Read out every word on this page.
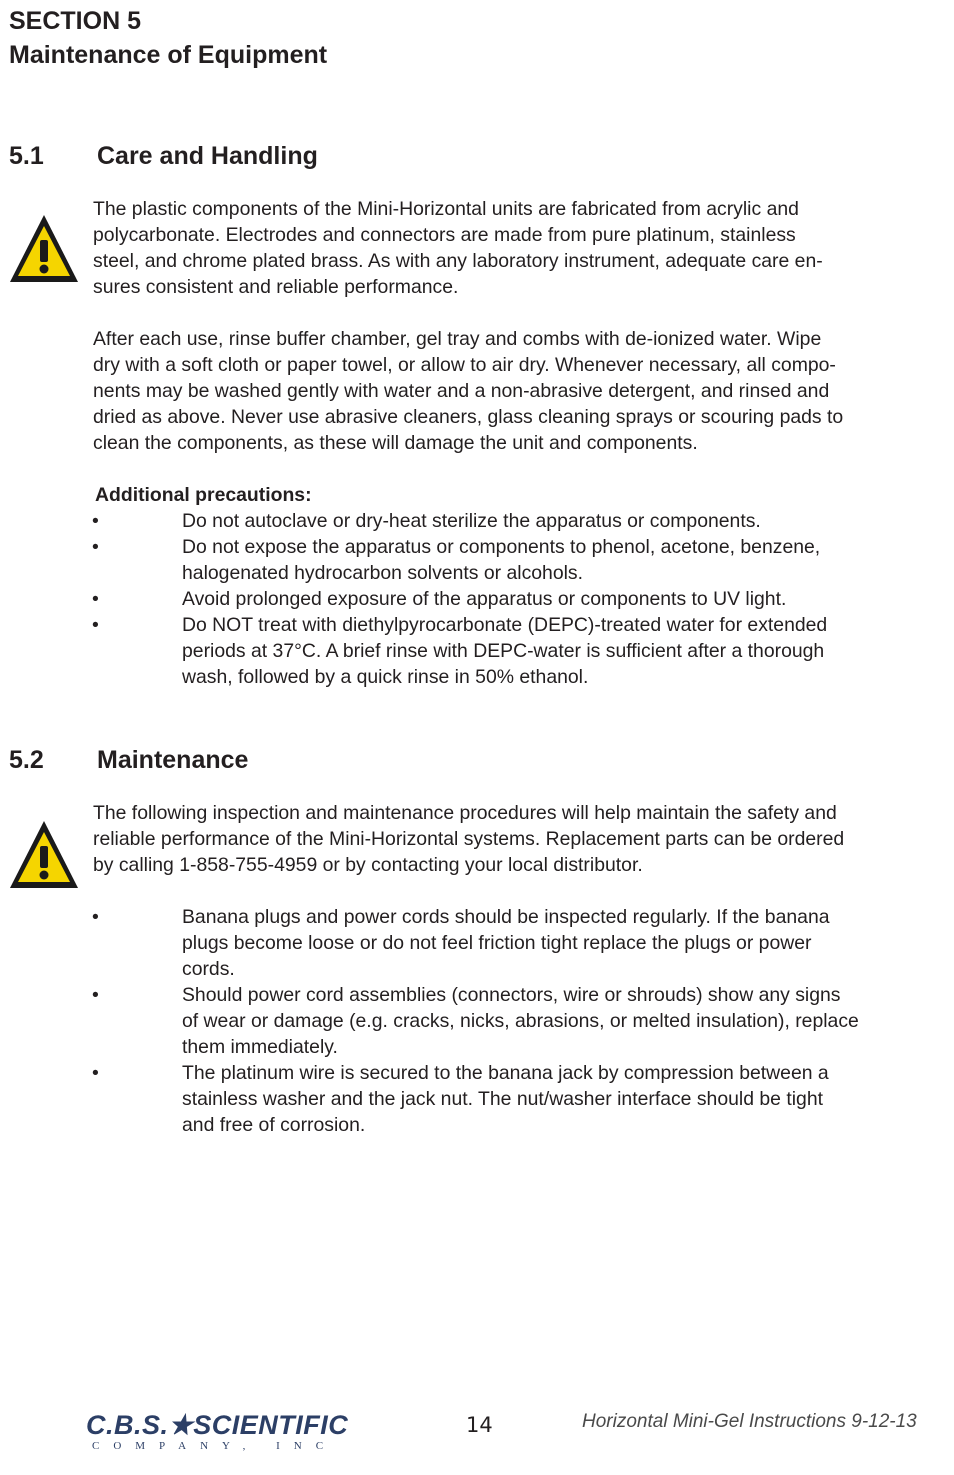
SECTION 5
Maintenance of Equipment
5.1 Care and Handling
The plastic components of the Mini-Horizontal units are fabricated from acrylic and
polycarbonate. Electrodes and connectors are made from pure platinum, stainless
steel, and chrome plated brass. As with any laboratory instrument, adequate care en-
sures consistent and reliable performance.
After each use, rinse buffer chamber, gel tray and combs with de-ionized water. Wipe
dry with a soft cloth or paper towel, or allow to air dry. Whenever necessary, all compo-
nents may be washed gently with water and a non-abrasive detergent, and rinsed and
dried as above. Never use abrasive cleaners, glass cleaning sprays or scouring pads to
clean the components, as these will damage the unit and components.
Additional precautions:
•	Do not autoclave or dry-heat sterilize the apparatus or components.
•	Do not expose the apparatus or components to phenol, acetone, benzene,
halogenated hydrocarbon solvents or alcohols.
•	Avoid prolonged exposure of the apparatus or components to UV light.
•	Do NOT treat with diethylpyrocarbonate (DEPC)-treated water for extended
periods at 37°C. A brief rinse with DEPC-water is sufficient after a thorough
wash, followed by a quick rinse in 50% ethanol.
5.2 Maintenance
The following inspection and maintenance procedures will help maintain the safety and
reliable performance of the Mini-Horizontal systems. Replacement parts can be ordered
by calling 1-858-755-4959 or by contacting your local distributor.
•	Banana plugs and power cords should be inspected regularly. If the banana
plugs become loose or do not feel friction tight replace the plugs or power
cords.
•	Should power cord assemblies (connectors, wire or shrouds) show any signs
of wear or damage (e.g. cracks, nicks, abrasions, or melted insulation), replace
them immediately.
•	The platinum wire is secured to the banana jack by compression between a
stainless washer and the jack nut. The nut/washer interface should be tight
and free of corrosion.
C.B.S.★SCIENTIFIC
COMPANY, INC
14	Horizontal Mini-Gel Instructions 9-12-13
